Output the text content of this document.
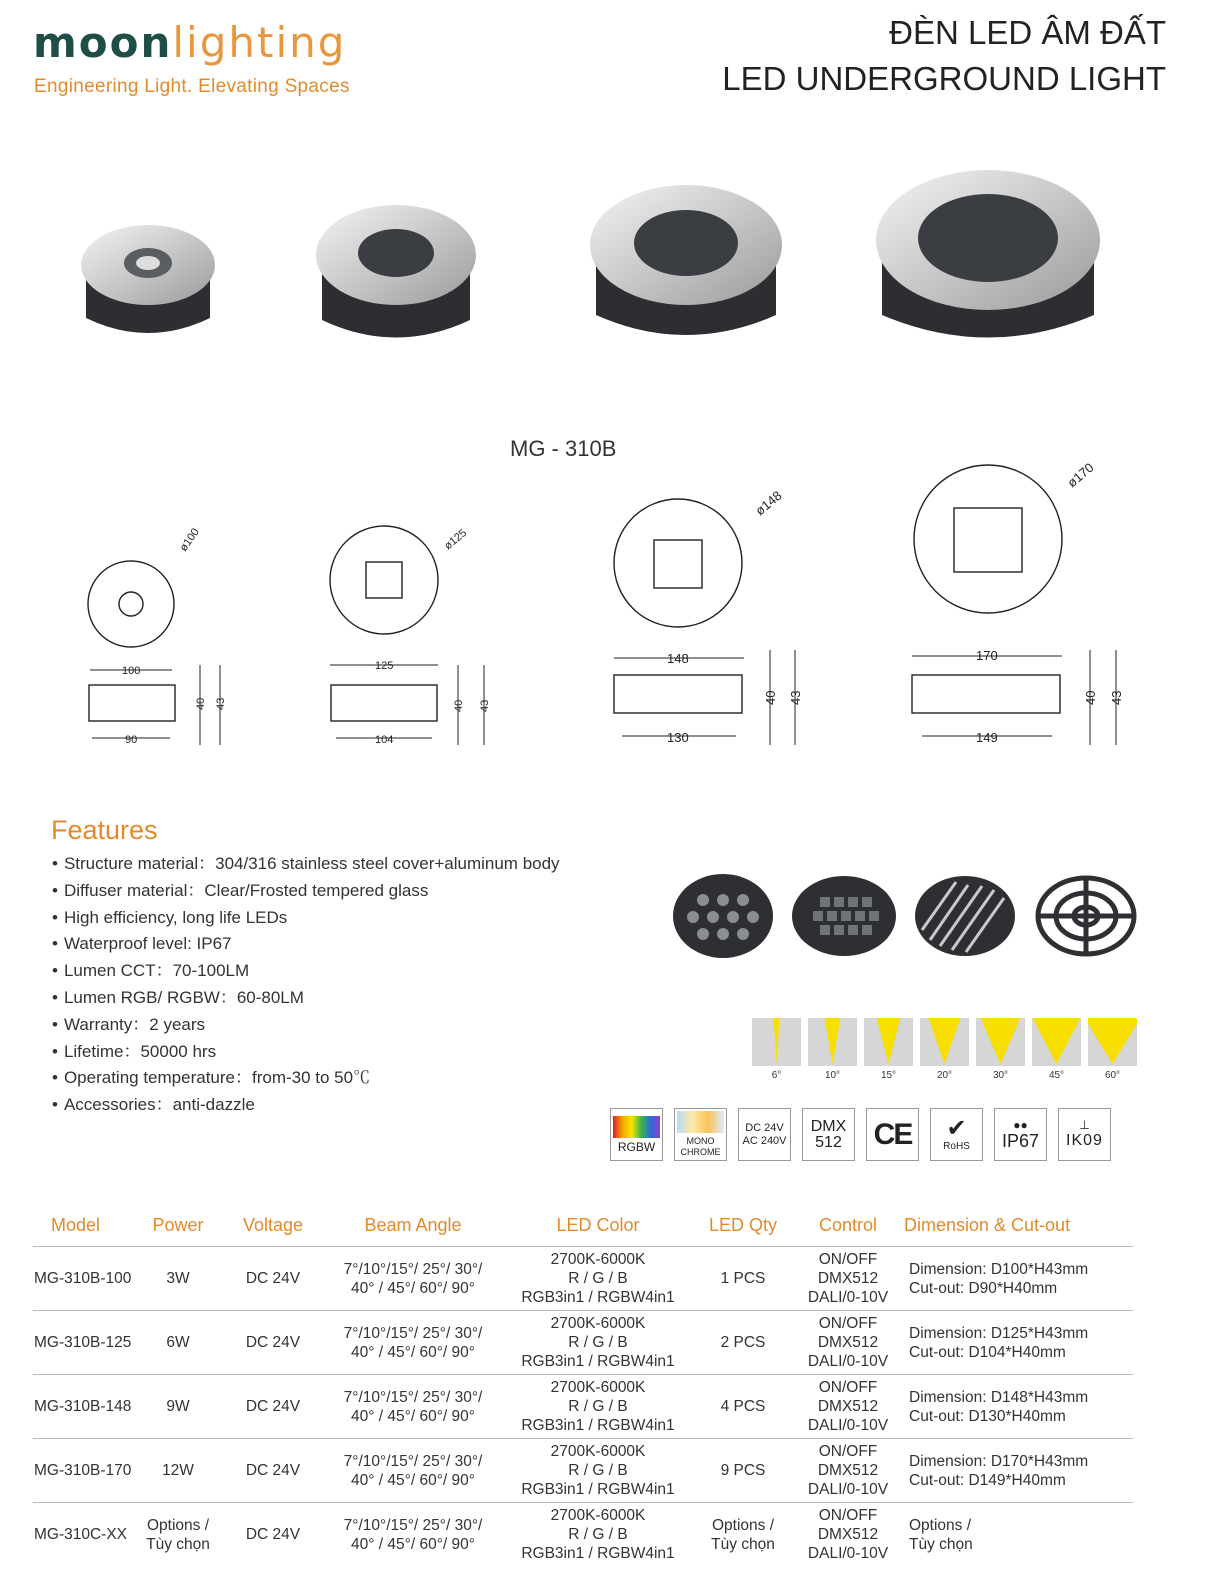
moonlighting
Engineering Light. Elevating Spaces
ĐÈN LED ÂM ĐẤT
LED UNDERGROUND LIGHT
MG - 310B
ø100
100
90
40 43
ø125
125
104
40 43
ø148
148
130
40 43
ø170
170
149
40 43
Features
• Structure material：304/316 stainless steel cover+aluminum body
• Diffuser material：Clear/Frosted tempered glass
• High efficiency, long life LEDs
• Waterproof level: IP67
• Lumen CCT：70-100LM
• Lumen RGB/ RGBW：60-80LM
• Warranty：2 years
• Lifetime：50000 hrs
• Operating temperature：from-30 to 50℃
• Accessories：anti-dazzle
6°	10°	15°	20°	30°	45°	60°
RGBW	MONO CHROME
DC 24V AC 240V
DMX 512 CE ✔
RoHS
●●
IP67
⊥
IK09
Model	Power	Voltage	Beam Angle	LED Color	LED Qty	Control	Dimension & Cut-out
MG-310B-100	3W	DC 24V	7°/10°/15°/ 25°/ 30°/
40° / 45°/ 60°/ 90°	2700K-6000K
R / G / B
RGB3in1 / RGBW4in1	1 PCS	ON/OFF
DMX512
DALI/0-10V	Dimension: D100*H43mm
Cut-out: D90*H40mm
MG-310B-125	6W	DC 24V	7°/10°/15°/ 25°/ 30°/
40° / 45°/ 60°/ 90°	2700K-6000K
R / G / B
RGB3in1 / RGBW4in1	2 PCS	ON/OFF
DMX512
DALI/0-10V	Dimension: D125*H43mm
Cut-out: D104*H40mm
MG-310B-148	9W	DC 24V	7°/10°/15°/ 25°/ 30°/
40° / 45°/ 60°/ 90°	2700K-6000K
R / G / B
RGB3in1 / RGBW4in1	4 PCS	ON/OFF
DMX512
DALI/0-10V	Dimension: D148*H43mm
Cut-out: D130*H40mm
MG-310B-170	12W	DC 24V	7°/10°/15°/ 25°/ 30°/
40° / 45°/ 60°/ 90°	2700K-6000K
R / G / B
RGB3in1 / RGBW4in1	9 PCS	ON/OFF
DMX512
DALI/0-10V	Dimension: D170*H43mm
Cut-out: D149*H40mm
MG-310C-XX	Options /
Tùy chọn	DC 24V	7°/10°/15°/ 25°/ 30°/
40° / 45°/ 60°/ 90°	2700K-6000K
R / G / B
RGB3in1 / RGBW4in1	Options /
Tùy chọn	ON/OFF
DMX512
DALI/0-10V	Options /
Tùy chọn
